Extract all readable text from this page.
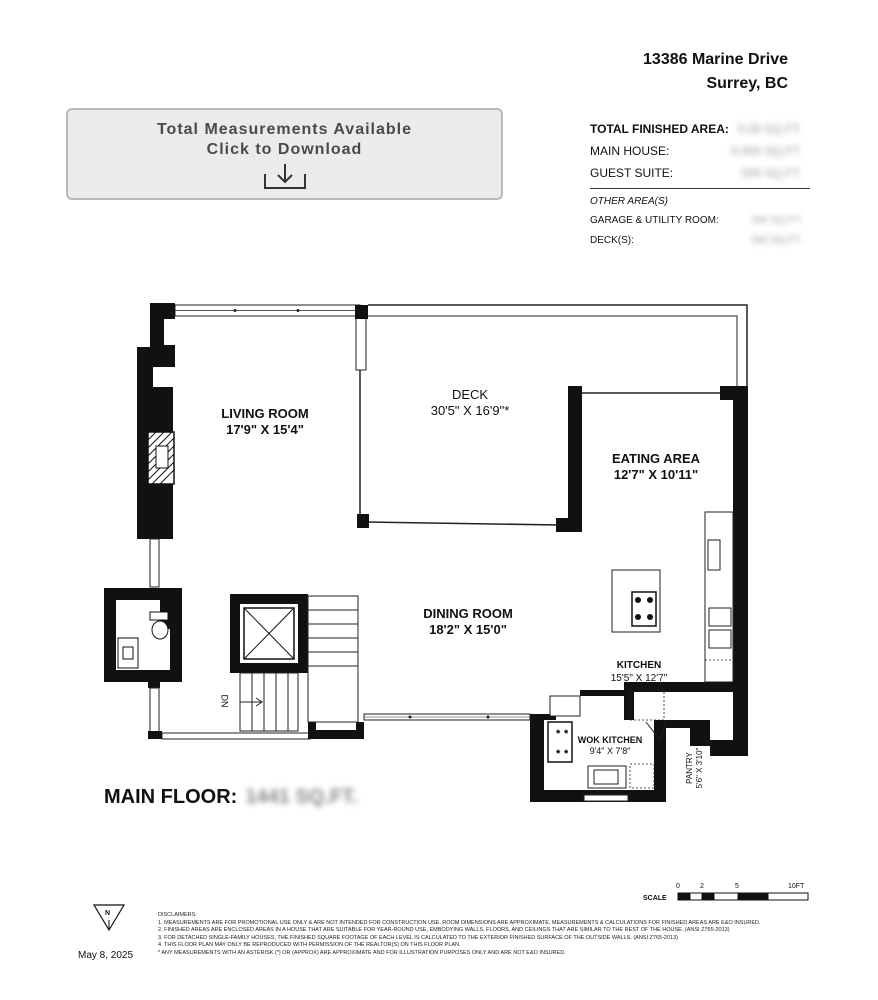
13386 Marine Drive
Surrey, BC
Total Measurements Available
Click to Download
TOTAL FINISHED AREA: 0,00 SQ.FT.
MAIN HOUSE:	0,000 SQ.FT.
GUEST SUITE:	000 SQ.FT.
OTHER AREA(S)
GARAGE & UTILITY ROOM:	000 SQ.FT.
DECK(S):	000 SQ.FT.
* *
* *
SCALE
0	2	5	10FT
N
LIVING ROOM
17'9" X 15'4"
DECK
30'5" X 16'9"*
EATING AREA
12'7" X 10'11"
DINING ROOM
18'2" X 15'0"
KITCHEN
15'5" X 12'7"
WOK KITCHEN
9'4" X 7'8"
PANTRY 5'6" X 3'10"
DN
MAIN FLOOR: 1441 SQ.FT.
DISCLAIMERS:
1. MEASUREMENTS ARE FOR PROMOTIONAL USE ONLY & ARE NOT INTENDED FOR CONSTRUCTION USE. ROOM DIMENSIONS ARE APPROXIMATE. MEASUREMENTS & CALCULATIONS FOR FINISHED AREAS ARE E&O INSURED.
2. FINISHED AREAS ARE ENCLOSED AREAS IN A HOUSE THAT ARE SUITABLE FOR YEAR-ROUND USE, EMBODYING WALLS, FLOORS, AND CEILINGS THAT ARE SIMILAR TO THE REST OF THE HOUSE. (ANSI Z765-2013)
3. FOR DETACHED SINGLE-FAMILY HOUSES, THE FINISHED SQUARE FOOTAGE OF EACH LEVEL IS CALCULATED TO THE EXTERIOR FINISHED SURFACE OF THE OUTSIDE WALLS. (ANSI Z765-2013)
4. THIS FLOOR PLAN MAY ONLY BE REPRODUCED WITH PERMISSION OF THE REALTOR(S) ON THIS FLOOR PLAN.
* ANY MEASUREMENTS WITH AN ASTERISK (*) OR (APPROX) ARE APPROXIMATE AND FOR ILLUSTRATION PURPOSES ONLY AND ARE NOT E&O INSURED.
May 8, 2025
